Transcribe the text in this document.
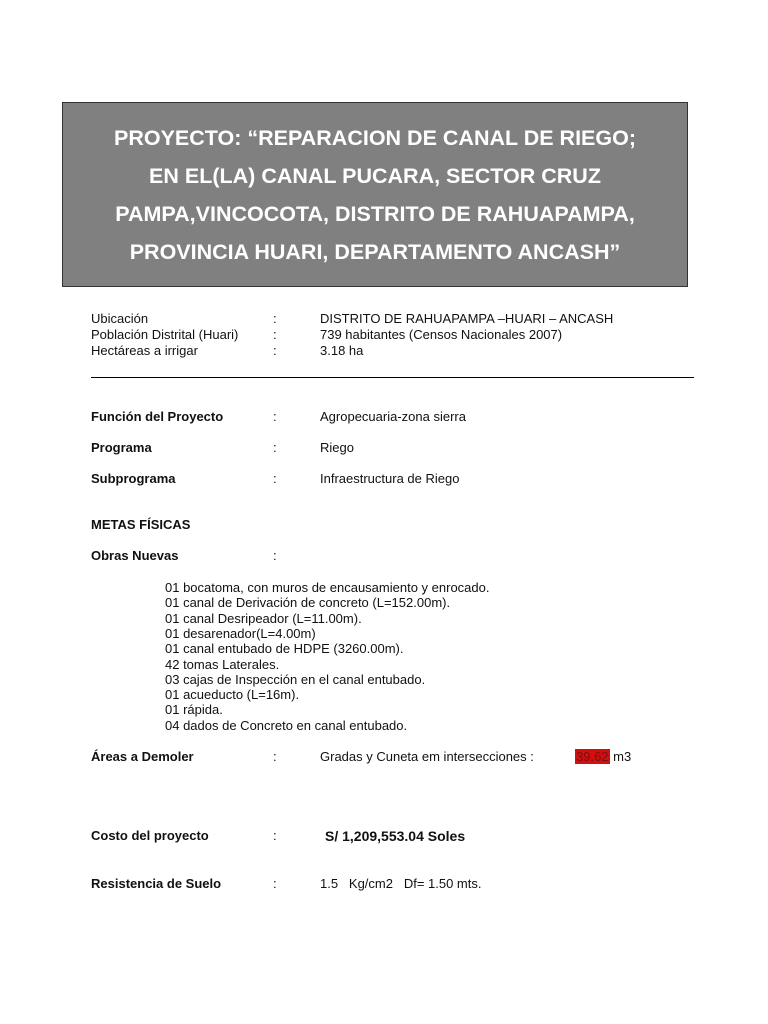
PROYECTO: “REPARACION DE CANAL DE RIEGO;
EN EL(LA) CANAL PUCARA, SECTOR CRUZ
PAMPA,VINCOCOTA, DISTRITO DE RAHUAPAMPA,
PROVINCIA HUARI, DEPARTAMENTO ANCASH”
Ubicación	:	DISTRITO DE RAHUAPAMPA –HUARI – ANCASH
Población Distrital (Huari)	:	739 habitantes (Censos Nacionales 2007)
Hectáreas a irrigar	:	3.18 ha
Función del Proyecto	:	Agropecuaria-zona sierra
Programa	:	Riego
Subprograma	:	Infraestructura de Riego
METAS FÍSICAS
Obras Nuevas	:
01 bocatoma, con muros de encausamiento y enrocado.
01 canal de Derivación de concreto (L=152.00m).
01 canal Desripeador (L=11.00m).
01 desarenador(L=4.00m)
01 canal entubado de HDPE (3260.00m).
42 tomas Laterales.
03 cajas de Inspección en el canal entubado.
01 acueducto (L=16m).
01 rápida.
04 dados de Concreto en canal entubado.
Áreas a Demoler	:	Gradas y Cuneta em intersecciones :	39.62 m3
Costo del proyecto	:	S/ 1,209,553.04 Soles
Resistencia de Suelo	:	1.5   Kg/cm2   Df= 1.50 mts.
